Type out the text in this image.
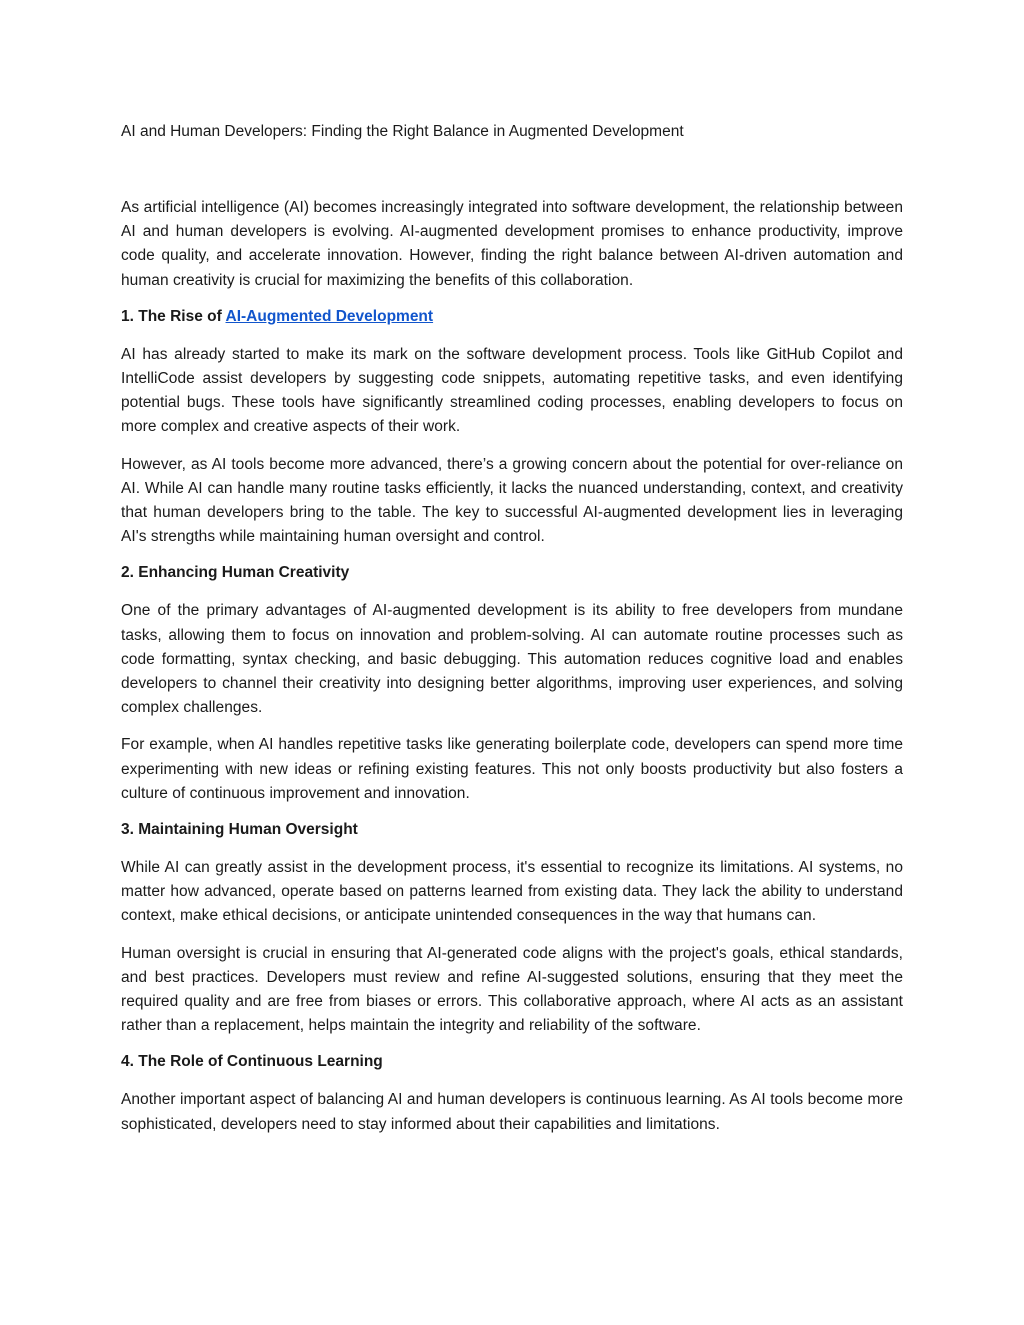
AI and Human Developers: Finding the Right Balance in Augmented Development

As artificial intelligence (AI) becomes increasingly integrated into software development, the relationship between AI and human developers is evolving. AI-augmented development promises to enhance productivity, improve code quality, and accelerate innovation. However, finding the right balance between AI-driven automation and human creativity is crucial for maximizing the benefits of this collaboration.

1. The Rise of AI-Augmented Development

AI has already started to make its mark on the software development process. Tools like GitHub Copilot and IntelliCode assist developers by suggesting code snippets, automating repetitive tasks, and even identifying potential bugs. These tools have significantly streamlined coding processes, enabling developers to focus on more complex and creative aspects of their work.

However, as AI tools become more advanced, there’s a growing concern about the potential for over-reliance on AI. While AI can handle many routine tasks efficiently, it lacks the nuanced understanding, context, and creativity that human developers bring to the table. The key to successful AI-augmented development lies in leveraging AI's strengths while maintaining human oversight and control.

2. Enhancing Human Creativity

One of the primary advantages of AI-augmented development is its ability to free developers from mundane tasks, allowing them to focus on innovation and problem-solving. AI can automate routine processes such as code formatting, syntax checking, and basic debugging. This automation reduces cognitive load and enables developers to channel their creativity into designing better algorithms, improving user experiences, and solving complex challenges.

For example, when AI handles repetitive tasks like generating boilerplate code, developers can spend more time experimenting with new ideas or refining existing features. This not only boosts productivity but also fosters a culture of continuous improvement and innovation.

3. Maintaining Human Oversight

While AI can greatly assist in the development process, it's essential to recognize its limitations. AI systems, no matter how advanced, operate based on patterns learned from existing data. They lack the ability to understand context, make ethical decisions, or anticipate unintended consequences in the way that humans can.

Human oversight is crucial in ensuring that AI-generated code aligns with the project's goals, ethical standards, and best practices. Developers must review and refine AI-suggested solutions, ensuring that they meet the required quality and are free from biases or errors. This collaborative approach, where AI acts as an assistant rather than a replacement, helps maintain the integrity and reliability of the software.

4. The Role of Continuous Learning

Another important aspect of balancing AI and human developers is continuous learning. As AI tools become more sophisticated, developers need to stay informed about their capabilities and limitations.
